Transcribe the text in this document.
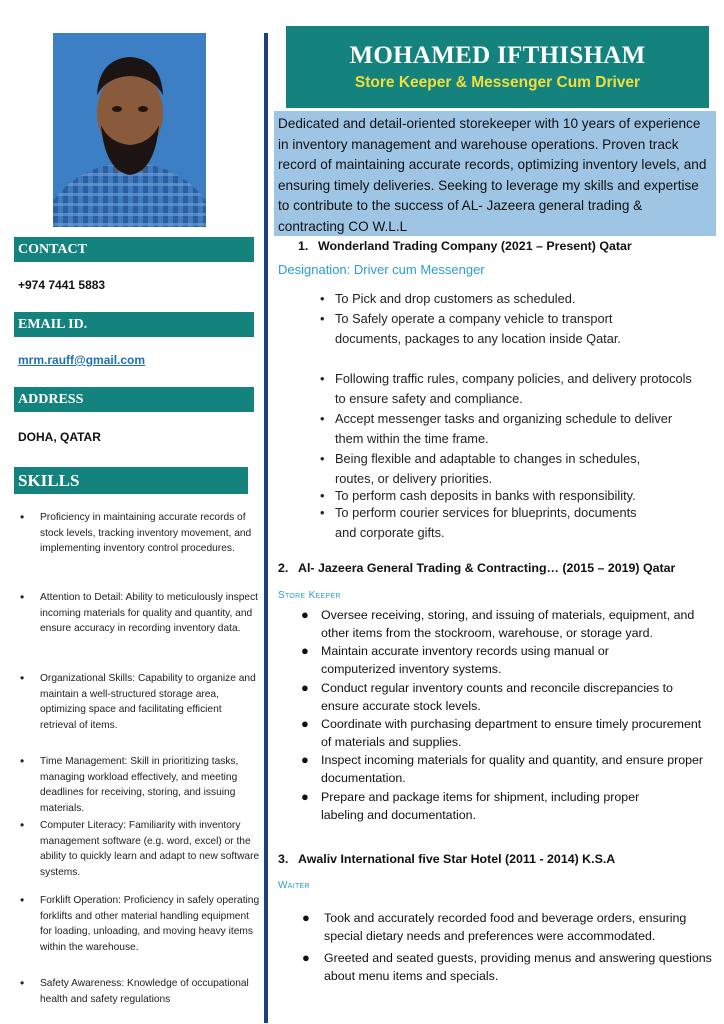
CONTACT
+974 7441 5883
EMAIL ID.
mrm.rauff@gmail.com
ADDRESS
DOHA, QATAR
SKILLS
• Proficiency in maintaining accurate records of stock levels, tracking inventory movement, and implementing inventory control procedures.
• Attention to Detail: Ability to meticulously inspect incoming materials for quality and quantity, and ensure accuracy in recording inventory data.
• Organizational Skills: Capability to organize and maintain a well-structured storage area, optimizing space and facilitating efficient retrieval of items.
• Time Management: Skill in prioritizing tasks, managing workload effectively, and meeting deadlines for receiving, storing, and issuing materials.
• Computer Literacy: Familiarity with inventory management software (e.g. word, excel) or the ability to quickly learn and adapt to new software systems.
• Forklift Operation: Proficiency in safely operating forklifts and other material handling equipment for loading, unloading, and moving heavy items within the warehouse.
• Safety Awareness: Knowledge of occupational health and safety regulations
MOHAMED IFTHISHAM
Store Keeper & Messenger Cum Driver
Dedicated and detail-oriented storekeeper with 10 years of experience in inventory management and warehouse operations. Proven track record of maintaining accurate records, optimizing inventory levels, and ensuring timely deliveries. Seeking to leverage my skills and expertise to contribute to the success of AL- Jazeera general trading & contracting CO W.L.L
1. Wonderland Trading Company (2021 – Present) Qatar
Designation: Driver cum Messenger
• To Pick and drop customers as scheduled.
• To Safely operate a company vehicle to transport documents, packages to any location inside Qatar.
• Following traffic rules, company policies, and delivery protocols to ensure safety and compliance.
• Accept messenger tasks and organizing schedule to deliver them within the time frame.
• Being flexible and adaptable to changes in schedules, routes, or delivery priorities.
• To perform cash deposits in banks with responsibility.
• To perform courier services for blueprints, documents and corporate gifts.
2. Al- Jazeera General Trading & Contracting… (2015 – 2019) Qatar
Store Keeper
● Oversee receiving, storing, and issuing of materials, equipment, and other items from the stockroom, warehouse, or storage yard.
● Maintain accurate inventory records using manual or computerized inventory systems.
● Conduct regular inventory counts and reconcile discrepancies to ensure accurate stock levels.
● Coordinate with purchasing department to ensure timely procurement of materials and supplies.
● Inspect incoming materials for quality and quantity, and ensure proper documentation.
● Prepare and package items for shipment, including proper labeling and documentation.
3. Awaliv International five Star Hotel (2011 - 2014) K.S.A
Waiter
● Took and accurately recorded food and beverage orders, ensuring special dietary needs and preferences were accommodated.
● Greeted and seated guests, providing menus and answering questions about menu items and specials.
